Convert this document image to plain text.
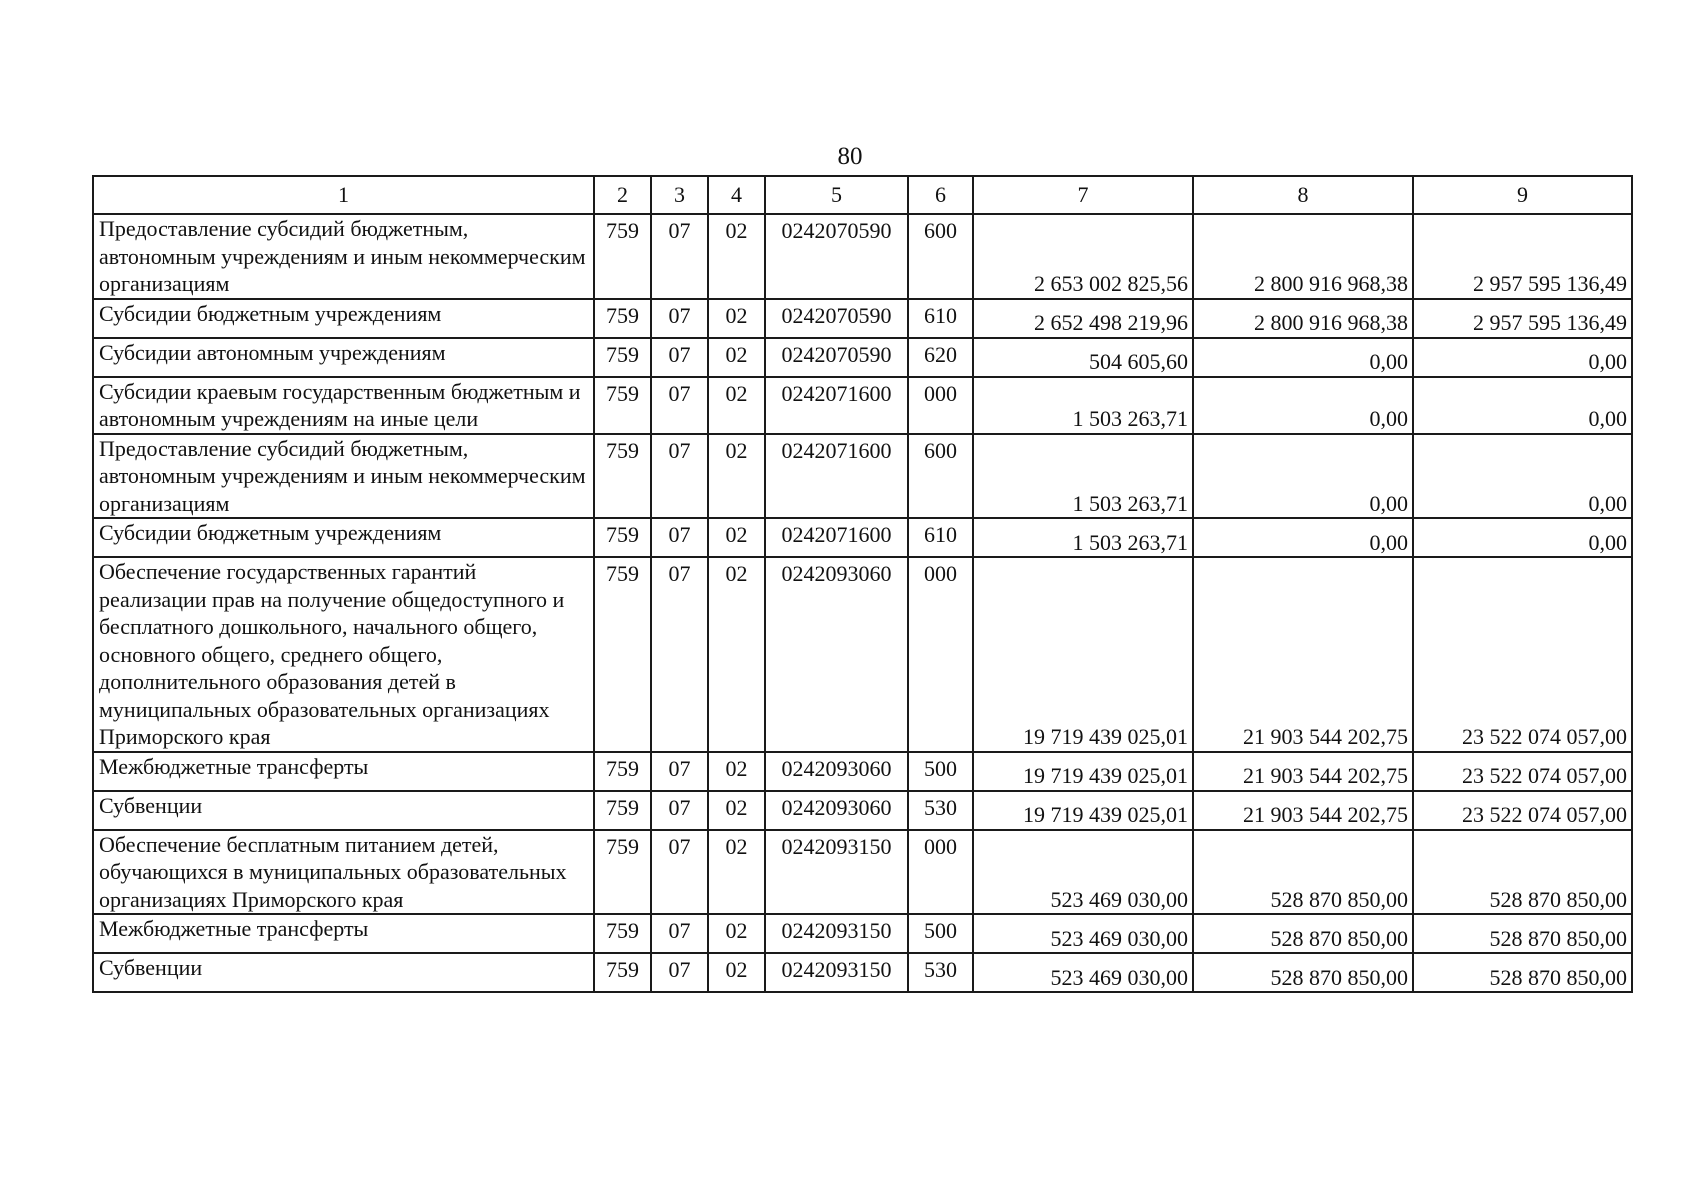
80
1	2	3	4	5	6	7	8	9
Предоставление субсидий бюджетным, автономным учреждениям и иным некоммерческим организациям	759	07	02	0242070590	600	2 653 002 825,56	2 800 916 968,38	2 957 595 136,49
Субсидии бюджетным учреждениям	759	07	02	0242070590	610	2 652 498 219,96	2 800 916 968,38	2 957 595 136,49
Субсидии автономным учреждениям	759	07	02	0242070590	620	504 605,60	0,00	0,00
Субсидии краевым государственным бюджетным и автономным учреждениям на иные цели	759	07	02	0242071600	000	1 503 263,71	0,00	0,00
Предоставление субсидий бюджетным, автономным учреждениям и иным некоммерческим организациям	759	07	02	0242071600	600	1 503 263,71	0,00	0,00
Субсидии бюджетным учреждениям	759	07	02	0242071600	610	1 503 263,71	0,00	0,00
Обеспечение государственных гарантий реализации прав на получение общедоступного и бесплатного дошкольного, начального общего, основного общего, среднего общего, дополнительного образования детей в муниципальных образовательных организациях Приморского края	759	07	02	0242093060	000	19 719 439 025,01	21 903 544 202,75	23 522 074 057,00
Межбюджетные трансферты	759	07	02	0242093060	500	19 719 439 025,01	21 903 544 202,75	23 522 074 057,00
Субвенции	759	07	02	0242093060	530	19 719 439 025,01	21 903 544 202,75	23 522 074 057,00
Обеспечение бесплатным питанием детей, обучающихся в муниципальных образовательных организациях Приморского края	759	07	02	0242093150	000	523 469 030,00	528 870 850,00	528 870 850,00
Межбюджетные трансферты	759	07	02	0242093150	500	523 469 030,00	528 870 850,00	528 870 850,00
Субвенции	759	07	02	0242093150	530	523 469 030,00	528 870 850,00	528 870 850,00
